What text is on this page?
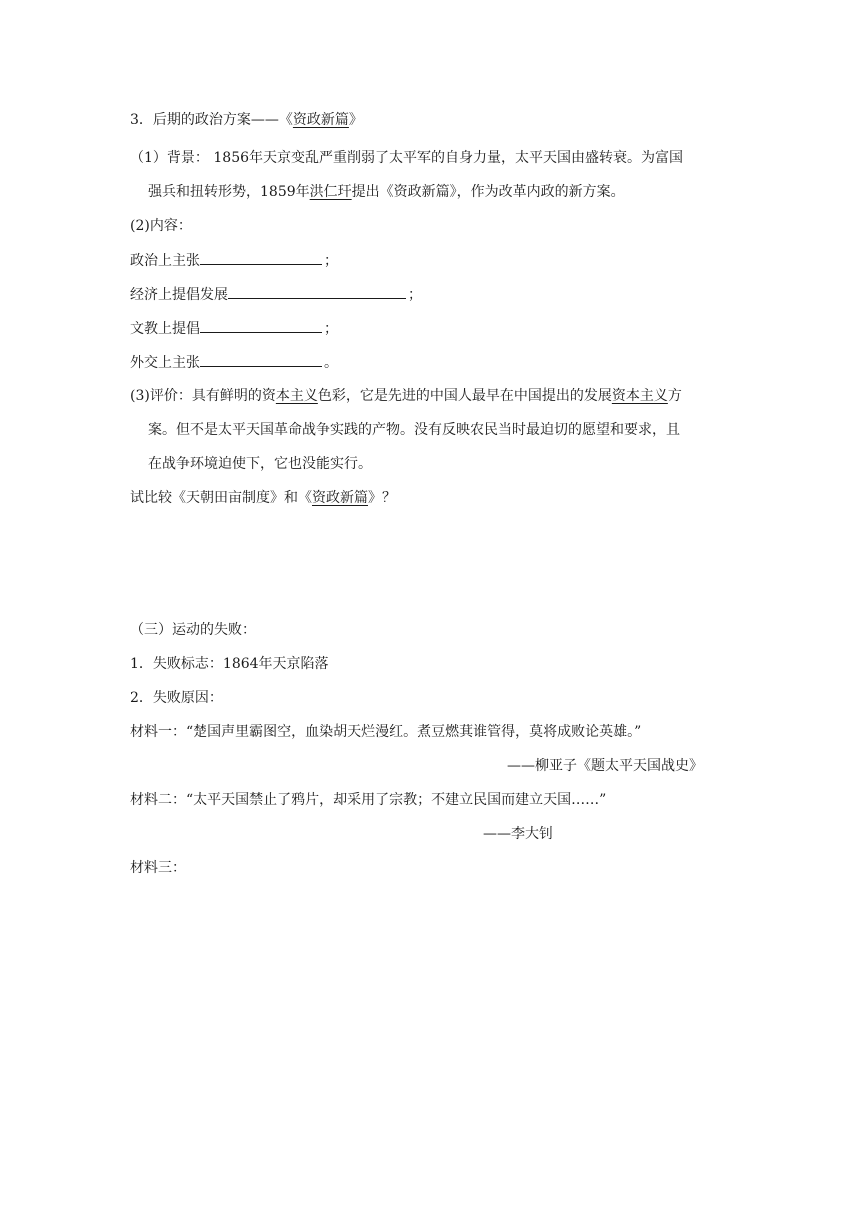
3．后期的政治方案——《资政新篇》
（1）背景： 1856年天京变乱严重削弱了太平军的自身力量，太平天国由盛转衰。为富国
强兵和扭转形势，1859年洪仁玕提出《资政新篇》，作为改革内政的新方案。
(2)内容：
政治上主张	；
经济上提倡发展	；
文教上提倡	；
外交上主张	。
(3)评价：具有鲜明的资本主义色彩，它是先进的中国人最早在中国提出的发展资本主义方
案。但不是太平天国革命战争实践的产物。没有反映农民当时最迫切的愿望和要求，且
在战争环境迫使下，它也没能实行。
试比较《天朝田亩制度》和《资政新篇》？
（三）运动的失败：
1．失败标志：1864年天京陷落
2．失败原因：
材料一：“楚国声里霸图空，血染胡天烂漫红。煮豆燃萁谁管得，莫将成败论英雄。”
——柳亚子《题太平天国战史》
材料二：“太平天国禁止了鸦片，却采用了宗教；不建立民国而建立天国……”
——李大钊
材料三：
